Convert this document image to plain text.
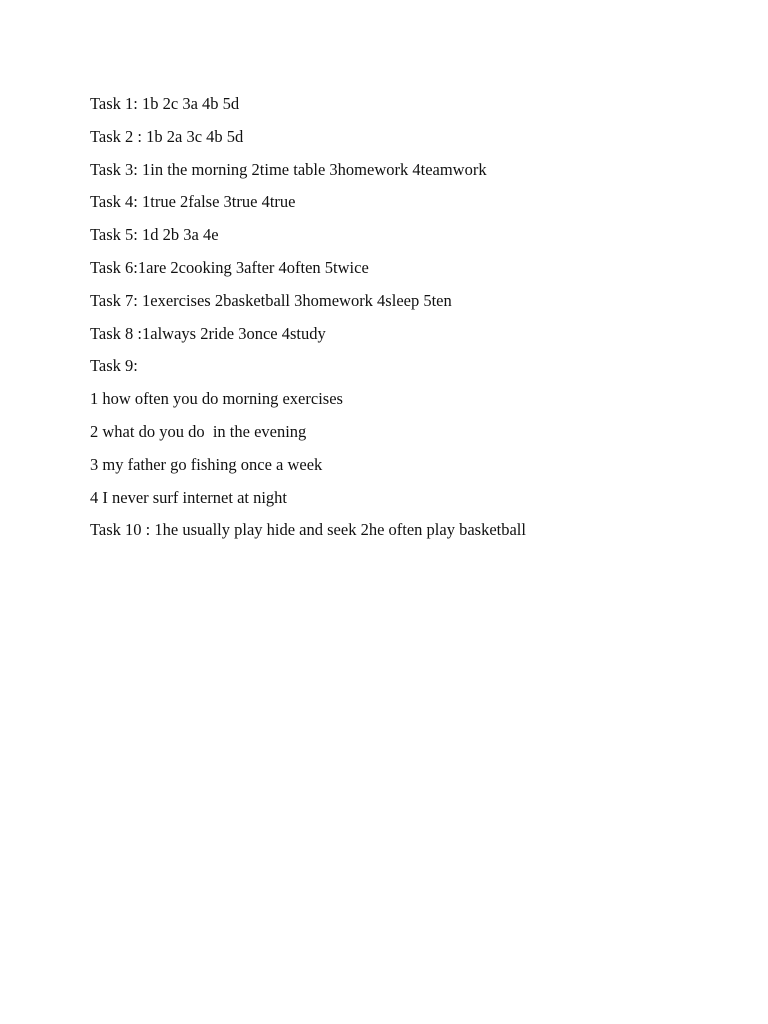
Task 1: 1b 2c 3a 4b 5d
Task 2 : 1b 2a 3c 4b 5d
Task 3: 1in the morning 2time table 3homework 4teamwork
Task 4: 1true 2false 3true 4true
Task 5: 1d 2b 3a 4e
Task 6:1are 2cooking 3after 4often 5twice
Task 7: 1exercises 2basketball 3homework 4sleep 5ten
Task 8 :1always 2ride 3once 4study
Task 9:
1 how often you do morning exercises
2 what do you do  in the evening
3 my father go fishing once a week
4 I never surf internet at night
Task 10 : 1he usually play hide and seek 2he often play basketball
